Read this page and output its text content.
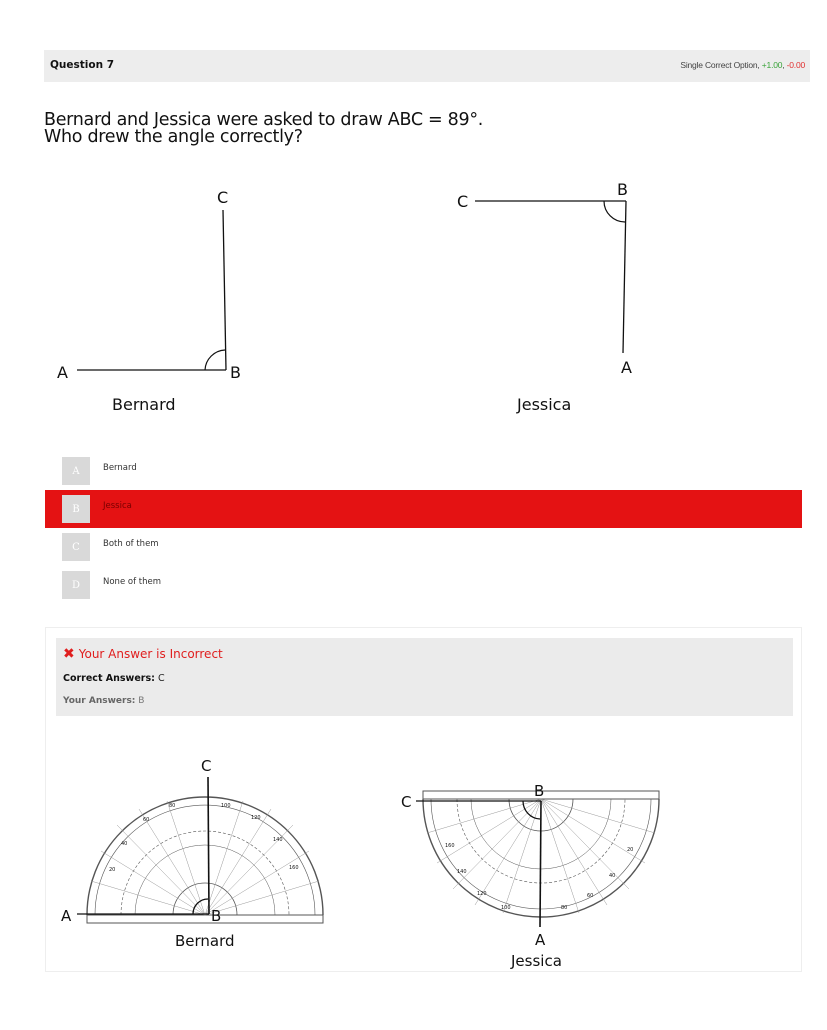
Question 7	Single Correct Option, +1.00, -0.00
Bernard and Jessica were asked to draw ABC = 89°.
Who drew the angle correctly?
A	B
C
Bernard
C
B
A
Jessica
A	Bernard
B	Jessica
C	Both of them
D	None of them
✖ Your Answer is Incorrect
Correct Answers: C
Your Answers: B
20
40
60
80	100
120
140
160
A	B
C
Bernard
160
140
120
100	80
60
40
20
C
B
A
Jessica
